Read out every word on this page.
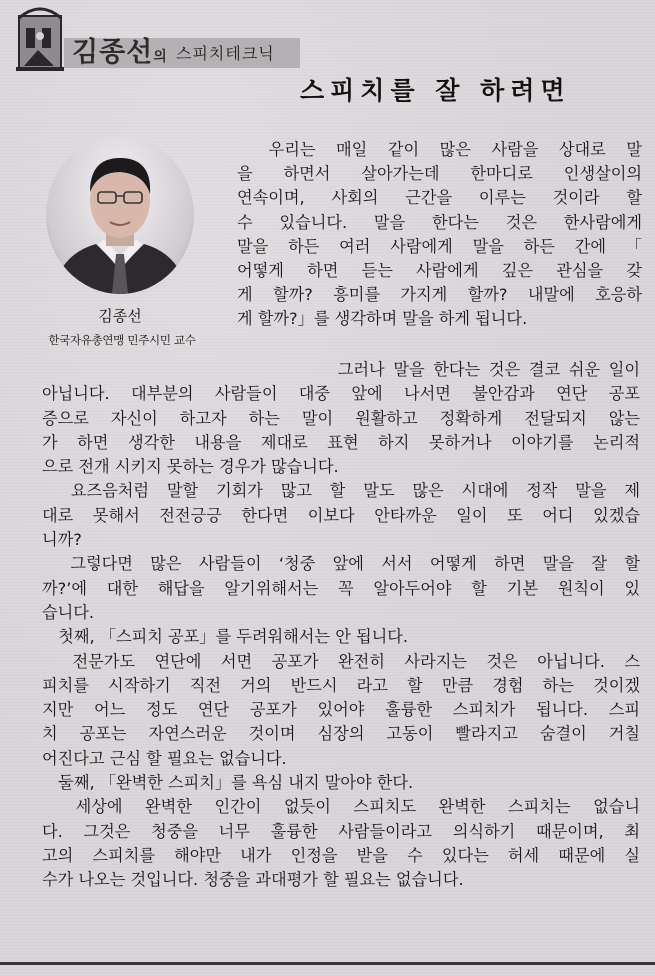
김종선의 스피치테크닉
스피치를 잘 하려면
김종선
한국자유총연맹 민주시민 교수
　우리는 매일 같이 많은 사람을 상대로 말
을 하면서 살아가는데 한마디로 인생살이의
연속이며, 사회의 근간을 이루는 것이라 할
수 있습니다. 말을 한다는 것은 한사람에게
말을 하든 여러 사람에게 말을 하든 간에 「
어떻게 하면 듣는 사람에게 깊은 관심을 갖
게 할까? 흥미를 가지게 할까? 내말에 호응하
게 할까?」를 생각하며 말을 하게 됩니다.
　　　　　　　　　　　　　　　그러나 말을 한다는 것은 결코 쉬운 일이
아닙니다. 대부분의 사람들이 대중 앞에 나서면 불안감과 연단 공포
증으로 자신이 하고자 하는 말이 원활하고 정확하게 전달되지 않는
가 하면 생각한 내용을 제대로 표현 하지 못하거나 이야기를 논리적
으로 전개 시키지 못하는 경우가 많습니다.
　요즈음처럼 말할 기회가 많고 할 말도 많은 시대에 정작 말을 제
대로 못해서 전전긍긍 한다면 이보다 안타까운 일이 또 어디 있겠습
니까?
　그렇다면 많은 사람들이 ‘청중 앞에 서서 어떻게 하면 말을 잘 할
까?’에 대한 해답을 알기위해서는 꼭 알아두어야 할 기본 원칙이 있
습니다.
　첫째, 「스피치 공포」를 두려워해서는 안 됩니다.
　전문가도 연단에 서면 공포가 완전히 사라지는 것은 아닙니다. 스
피치를 시작하기 직전 거의 반드시 라고 할 만큼 경험 하는 것이겠
지만 어느 정도 연단 공포가 있어야 훌륭한 스피치가 됩니다. 스피
치 공포는 자연스러운 것이며 심장의 고동이 빨라지고 숨결이 거칠
어진다고 근심 할 필요는 없습니다.
　둘째, 「완벽한 스피치」를 욕심 내지 말아야 한다.
　세상에 완벽한 인간이 없듯이 스피치도 완벽한 스피치는 없습니
다. 그것은 청중을 너무 훌륭한 사람들이라고 의식하기 때문이며, 최
고의 스피치를 해야만 내가 인정을 받을 수 있다는 허세 때문에 실
수가 나오는 것입니다. 청중을 과대평가 할 필요는 없습니다.
